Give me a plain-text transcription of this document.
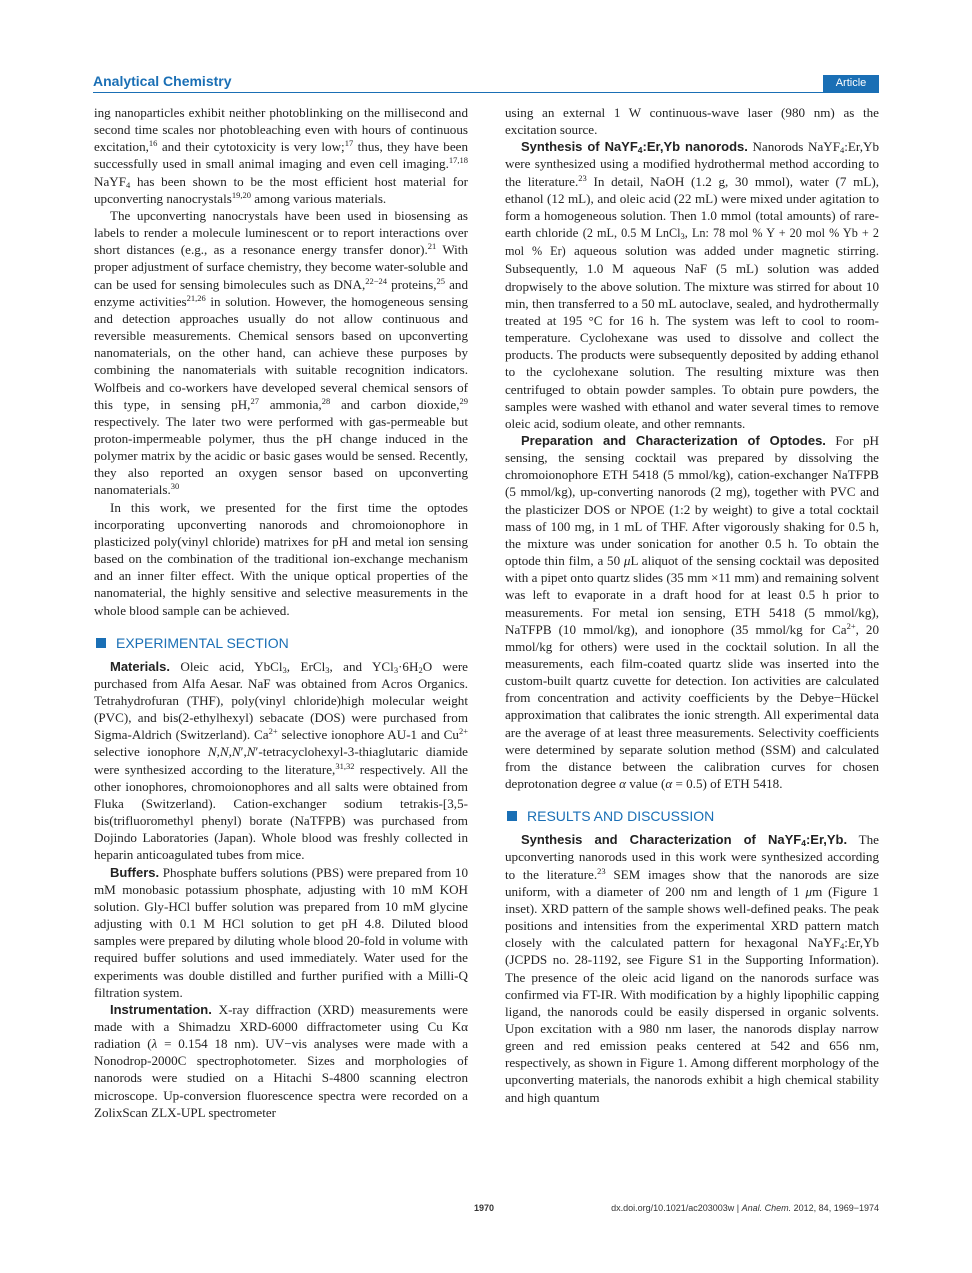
Analytical Chemistry	Article

ing nanoparticles exhibit neither photoblinking on the millisecond and second time scales nor photobleaching even with hours of continuous excitation,$^{16}$ and their cytotoxicity is very low;$^{17}$ thus, they have been successfully used in small animal imaging and even cell imaging.$^{17,18}$ NaYF$_4$ has been shown to be the most efficient host material for upconverting nanocrystals$^{19,20}$ among various materials.

The upconverting nanocrystals have been used in biosensing as labels to render a molecule luminescent or to report interactions over short distances (e.g., as a resonance energy transfer donor).$^{21}$ With proper adjustment of surface chemistry, they become water-soluble and can be used for sensing bimolecules such as DNA,$^{22-24}$ proteins,$^{25}$ and enzyme activities$^{21,26}$ in solution. However, the homogeneous sensing and detection approaches usually do not allow continuous and reversible measurements. Chemical sensors based on upconverting nanomaterials, on the other hand, can achieve these purposes by combining the nanomaterials with suitable recognition indicators. Wolfbeis and co-workers have developed several chemical sensors of this type, in sensing pH,$^{27}$ ammonia,$^{28}$ and carbon dioxide,$^{29}$ respectively. The later two were performed with gas-permeable but proton-impermeable polymer, thus the pH change induced in the polymer matrix by the acidic or basic gases would be sensed. Recently, they also reported an oxygen sensor based on upconverting nanomaterials.$^{30}$

In this work, we presented for the first time the optodes incorporating upconverting nanorods and chromoionophore in plasticized poly(vinyl chloride) matrixes for pH and metal ion sensing based on the combination of the traditional ion-exchange mechanism and an inner filter effect. With the unique optical properties of the nanomaterial, the highly sensitive and selective measurements in the whole blood sample can be achieved.

EXPERIMENTAL SECTION

Materials. Oleic acid, YbCl$_3$, ErCl$_3$, and $YCl_3\cdot 6H_2O$ were purchased from Alfa Aesar. NaF was obtained from Acros Organics. Tetrahydrofuran (THF), poly(vinyl chloride)high molecular weight (PVC), and bis(2-ethylhexyl) sebacate (DOS) were purchased from Sigma-Aldrich (Switzerland). $Ca^{2+}$ selective ionophore AU-1 and $Cu^{2+}$ selective ionophore N,N,N′,N′-tetracyclohexyl-3-thiaglutaric diamide were synthesized according to the literature,$^{31,32}$ respectively. All the other ionophores, chromoionophores and all salts were obtained from Fluka (Switzerland). Cation-exchanger sodium tetrakis-[3,5-bis(trifluoromethyl phenyl) borate (NaTFPB) was purchased from Dojindo Laboratories (Japan). Whole blood was freshly collected in heparin anticoagulated tubes from mice.

Buffers. Phosphate buffers solutions (PBS) were prepared from 10 mM monobasic potassium phosphate, adjusting with 10 mM KOH solution. Gly-HCl buffer solution was prepared from 10 mM glycine adjusting with 0.1 M HCl solution to get pH 4.8. Diluted blood samples were prepared by diluting whole blood 20-fold in volume with required buffer solutions and used immediately. Water used for the experiments was double distilled and further purified with a Milli-Q filtration system.

Instrumentation. X-ray diffraction (XRD) measurements were made with a Shimadzu XRD-6000 diffractometer using Cu Kα radiation (λ = 0.154 18 nm). UV−vis analyses were made with a Nonodrop-2000C spectrophotometer. Sizes and morphologies of nanorods were studied on a Hitachi S-4800 scanning electron microscope. Up-conversion fluorescence spectra were recorded on a ZolixScan ZLX-UPL spectrometer

using an external 1 W continuous-wave laser (980 nm) as the excitation source.

Synthesis of NaYF$_4$:Er,Yb nanorods. Nanorods NaYF$_4$:Er,Yb were synthesized using a modified hydrothermal method according to the literature.$^{23}$ In detail, NaOH (1.2 g, 30 mmol), water (7 mL), ethanol (12 mL), and oleic acid (22 mL) were mixed under agitation to form a homogeneous solution. Then 1.0 mmol (total amounts) of rare-earth chloride (2 mL, 0.5 M LnCl$_3$, Ln: 78 mol % Y + 20 mol % Yb + 2 mol % Er) aqueous solution was added under magnetic stirring. Subsequently, 1.0 M aqueous NaF (5 mL) solution was added dropwisely to the above solution. The mixture was stirred for about 10 min, then transferred to a 50 mL autoclave, sealed, and hydrothermally treated at 195 °C for 16 h. The system was left to cool to room-temperature. Cyclohexane was used to dissolve and collect the products. The products were subsequently deposited by adding ethanol to the cyclohexane solution. The resulting mixture was then centrifuged to obtain powder samples. To obtain pure powders, the samples were washed with ethanol and water several times to remove oleic acid, sodium oleate, and other remnants.

Preparation and Characterization of Optodes. For pH sensing, the sensing cocktail was prepared by dissolving the chromoionophore ETH 5418 (5 mmol/kg), cation-exchanger NaTFPB (5 mmol/kg), up-converting nanorods (2 mg), together with PVC and the plasticizer DOS or NPOE (1:2 by weight) to give a total cocktail mass of 100 mg, in 1 mL of THF. After vigorously shaking for 0.5 h, the mixture was under sonication for another 0.5 h. To obtain the optode thin film, a 50 μL aliquot of the sensing cocktail was deposited with a pipet onto quartz slides (35 mm ×11 mm) and remaining solvent was left to evaporate in a draft hood for at least 0.5 h prior to measurements. For metal ion sensing, ETH 5418 (5 mmol/kg), NaTFPB (10 mmol/kg), and ionophore (35 mmol/kg for $Ca^{2+}$, 20 mmol/kg for others) were used in the cocktail solution. In all the measurements, each film-coated quartz slide was inserted into the custom-built quartz cuvette for detection. Ion activities are calculated from concentration and activity coefficients by the Debye−Hückel approximation that calibrates the ionic strength. All experimental data are the average of at least three measurements. Selectivity coefficients were determined by separate solution method (SSM) and calculated from the distance between the calibration curves for chosen deprotonation degree α value (α = 0.5) of ETH 5418.

RESULTS AND DISCUSSION

Synthesis and Characterization of NaYF$_4$:Er,Yb. The upconverting nanorods used in this work were synthesized according to the literature.$^{23}$ SEM images show that the nanorods are size uniform, with a diameter of 200 nm and length of 1 μm (Figure 1 inset). XRD pattern of the sample shows well-defined peaks. The peak positions and intensities from the experimental XRD pattern match closely with the calculated pattern for hexagonal NaYF$_4$:Er,Yb (JCPDS no. 28-1192, see Figure S1 in the Supporting Information). The presence of the oleic acid ligand on the nanorods surface was confirmed via FT-IR. With modification by a highly lipophilic capping ligand, the nanorods could be easily dispersed in organic solvents. Upon excitation with a 980 nm laser, the nanorods display narrow green and red emission peaks centered at 542 and 656 nm, respectively, as shown in Figure 1. Among different morphology of the upconverting materials, the nanorods exhibit a high chemical stability and high quantum

1970	dx.doi.org/10.1021/ac203003w | Anal. Chem. 2012, 84, 1969−1974
